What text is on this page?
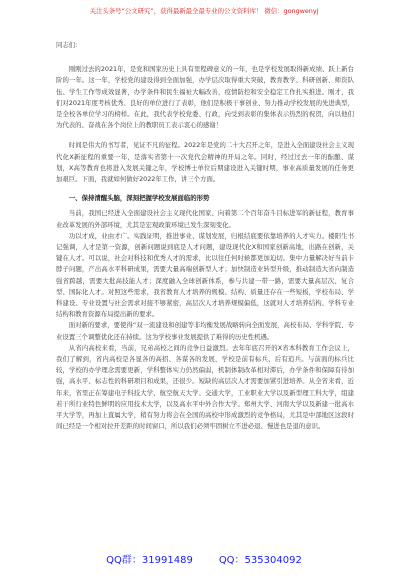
关注头条号“公文研究”，获得最新最全最专业的公文资料库！ 微信：gongwenyj

同志们：

刚刚过去的2021年，是党和国家历史上具有里程碑意义的一年，也是学校发展取得新成绩、跃上新台阶的一年。这一年，学校党的建设得到全面加强，办学层次取得重大突破，教育教学、科研创新、师资队伍、学生工作等成效显著，办学条件和民生福祉大幅改善，疫情防控和安全稳定工作扎实推进。刚才，我们对2021年度考核优秀、良好的单位进行了表彰，他们是积极干事创业、努力推动学校发展的先进典型，是全校各单位学习的榜样。在此，我代表学校党委、行政，向受到表彰的集体表示热烈的祝贺，向以他们为代表的、奋战在各个岗位上的教职员工表示衷心的感谢！

时间是伟大的书写者，见证不凡的征程。2022年是党的二十大召开之年，是进入全面建设社会主义现代化X新征程的重要一年，是落实省第十一次党代会精神的开局之年。同时，经过过去一年的酝酿、谋划，X高等教育也将进入发展关键之年，学校博士单位后期建设进入关键时期，事业高质量发展的任务更加艰巨。下面，我就如何做好2022年工作，讲三个方面。

一、保持清醒头脑，深刻把握学校发展面临的形势

当前，我国已经进入全面建设社会主义现代化国家、向着第二个百年奋斗目标进军的新征程，教育事业改革发展的外部环境，尤其是宏观政策环境已发生深刻变化。

功以才成，业由才广。实践证明，推进事业、谋划发展，归根结底要依靠培养的人才实力。楼阳生书记强调，人才是第一资源，创新问题说到底是人才问题，建设现代化X和国家创新高地，出路在创新，关键在人才。可以说，社会对科技和优秀人才的需求，比以往任何时候都更加迫切。集中力量解决好当前卡脖子问题，产出高水平科研成果，需要大量高端创新型人才；加快制造业转型升级，推动制造大省向制造强省跨越，需要大批高技能人才；深度融入全球创新体系，参与共建一带一路，需要大量高层次、复合型、国际化人才。对照这些需求，我省教育人才培养的规模、结构、质量还存在一些短板，学校布局、学科建设、专业设置与社会需求对接不够紧密，高层次人才培养规模偏低，这就对人才培养结构、学科专业结构和教育资源布局提出新的要求。

面对新的要求，要使得“双一流建设和创建等非均衡发展战略转向全面发展，高校布局、学科学院、专业设置三个调整优化还在持续。这为学校事业发展提供了难得的历史性机遇。

从省内高校来看，当前，兄弟高校之间的竞争日益激烈。去年年底召开的X省本科教育工作会议上，我们了解到，省内高校是各显各的高招、各谋各的发展，学校是前有标兵、后有追兵。与前面的标兵比较，学校的办学理念需要更新，学科整体实力仍然偏弱，机制体制改革相对滞后，办学条件和保障有待加强，高水平、标志性的科研项目和成果，还很少。短缺的高层次人才需要加紧引进培养。从全省来看，近年来，省里正在筹建电子科技大学、航空航天大学、交通大学，工业职业大学以及新型理工科大学，组建若干所行业特色鲜明的应用技术大学，以及高水平中外合作大学。郑州大学、河南大学以及新建一批高水平大学等，再加上直属大学，稍有努力将会在全国的高校中形成激烈的竞争格局，尤其是中部地区这段时间已经是一个相对拉开差距的时间窗口，所以我们必须牢固树立不进必退、慢进也是退的意识。

QQ群：31991489	QQ：535304092
